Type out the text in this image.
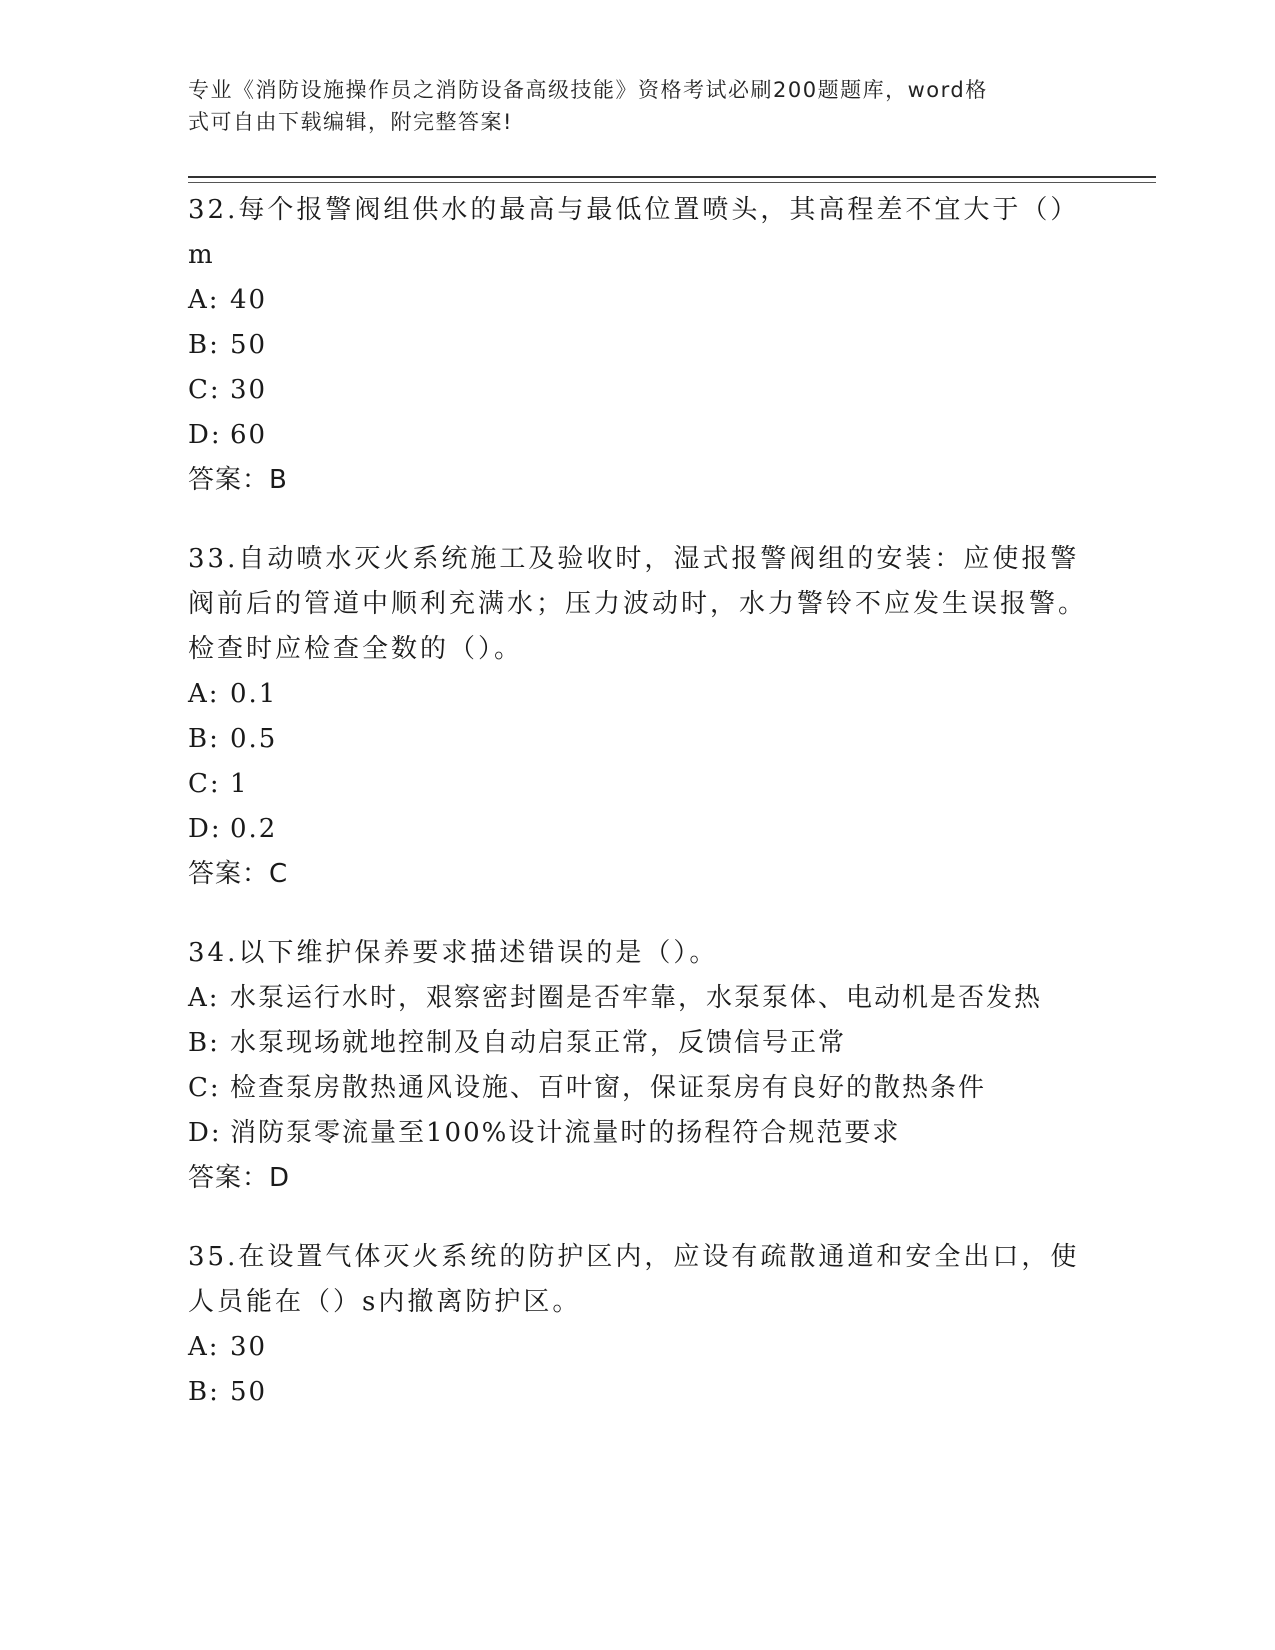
专业《消防设施操作员之消防设备高级技能》资格考试必刷200题题库，word格
式可自由下载编辑，附完整答案!

32.每个报警阀组供水的最高与最低位置喷头，其高程差不宜大于（）m

A: 40

B: 50

C: 30

D: 60

答案：B

33.自动喷水灭火系统施工及验收时，湿式报警阀组的安装：应使报警阀前后的管道中顺利充满水；压力波动时，水力警铃不应发生误报警。检查时应检查全数的（）。

A: 0.1

B: 0.5

C: 1

D: 0.2

答案：C

34.以下维护保养要求描述错误的是（）。

A: 水泵运行水时，艰察密封圈是否牢靠，水泵泵体、电动机是否发热

B: 水泵现场就地控制及自动启泵正常，反馈信号正常

C: 检查泵房散热通风设施、百叶窗，保证泵房有良好的散热条件

D: 消防泵零流量至100%设计流量时的扬程符合规范要求

答案：D

35.在设置气体灭火系统的防护区内，应设有疏散通道和安全出口，使人员能在（）s内撤离防护区。

A: 30

B: 50
